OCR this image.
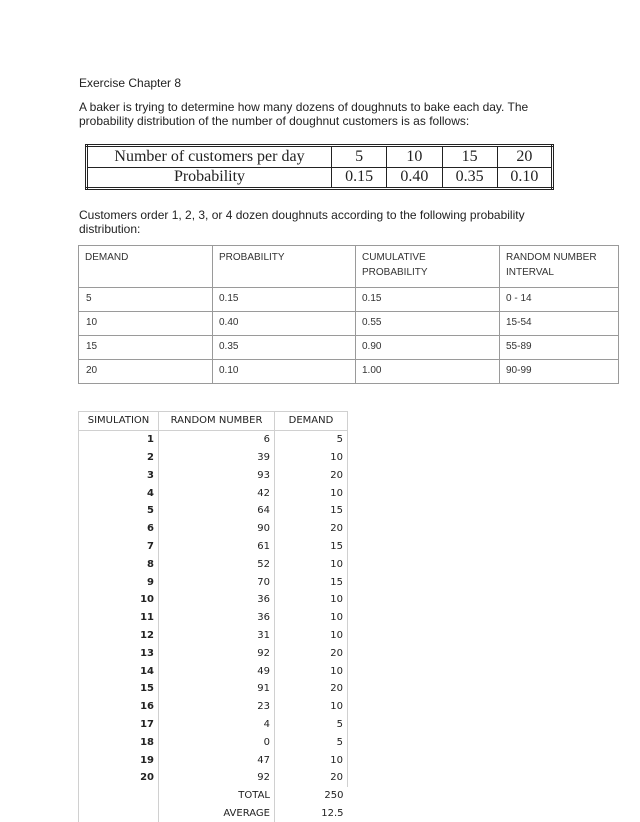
Exercise Chapter 8
A baker is trying to determine how many dozens of doughnuts to bake each day. The probability distribution of the number of doughnut customers is as follows:
Number of customers per day	5	10	15	20
Probability	0.15	0.40	0.35	0.10
Customers order 1, 2, 3, or 4 dozen doughnuts according to the following probability distribution:
DEMAND	PROBABILITY	CUMULATIVE PROBABILITY	RANDOM NUMBER INTERVAL
5	0.15	0.15	0 - 14
10	0.40	0.55	15-54
15	0.35	0.90	55-89
20	0.10	1.00	90-99
SIMULATION	RANDOM NUMBER	DEMAND
1	6	5
2	39	10
3	93	20
4	42	10
5	64	15
6	90	20
7	61	15
8	52	10
9	70	15
10	36	10
11	36	10
12	31	10
13	92	20
14	49	10
15	91	20
16	23	10
17	4	5
18	0	5
19	47	10
20	92	20
	TOTAL	250
	AVERAGE	12.5
